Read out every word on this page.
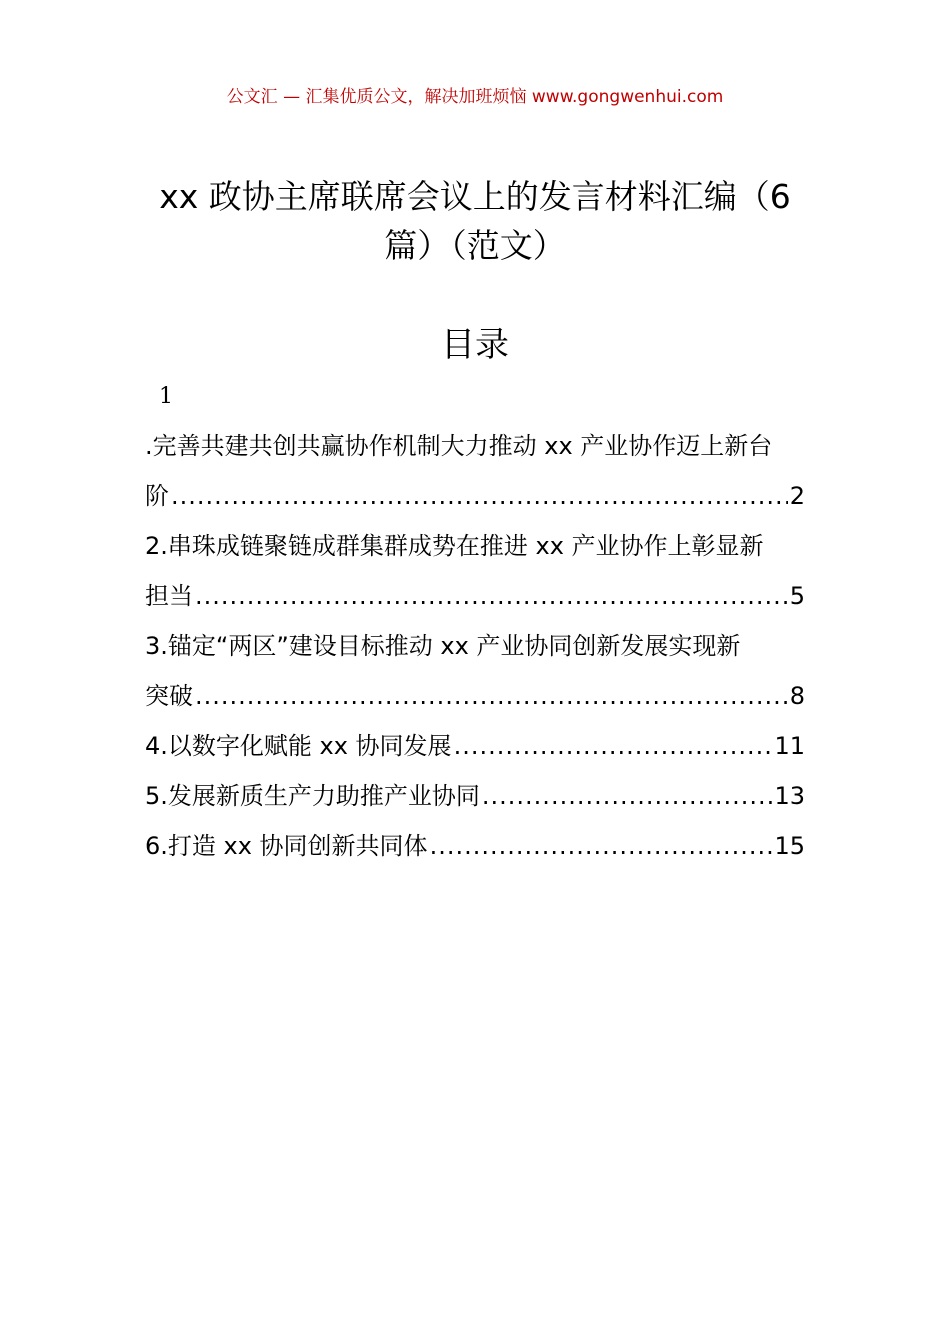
公文汇 — 汇集优质公文，解决加班烦恼 www.gongwenhui.com
xx 政协主席联席会议上的发言材料汇编（6
篇）（范文）
目录
1
.完善共建共创共赢协作机制大力推动 xx 产业协作迈上新台
阶 .....	2
2.串珠成链聚链成群集群成势在推进 xx 产业协作上彰显新
担当 .....	5
3.锚定“两区”建设目标推动 xx 产业协同创新发展实现新
突破 .....	8
4.以数字化赋能 xx 协同发展 .....	11
5.发展新质生产力助推产业协同 .....	13
6.打造 xx 协同创新共同体 .....	15
